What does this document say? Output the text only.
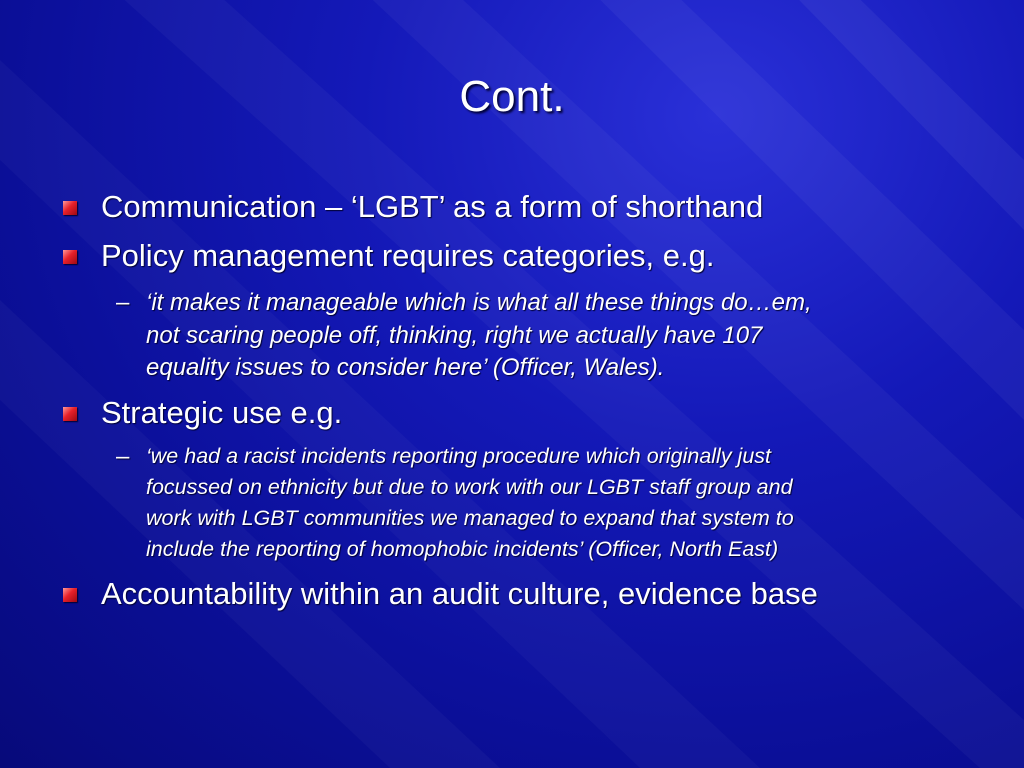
Cont.
Communication – ‘LGBT’ as a form of shorthand
Policy management requires categories, e.g.
– ‘it makes it manageable which is what all these things do…em,
not scaring people off, thinking, right we actually have 107
equality issues to consider here’ (Officer, Wales).
Strategic use e.g.
– ‘we had a racist incidents reporting procedure which originally just
focussed on ethnicity but due to work with our LGBT staff group and
work with LGBT communities we managed to expand that system to
include the reporting of homophobic incidents’ (Officer, North East)
Accountability within an audit culture, evidence base
